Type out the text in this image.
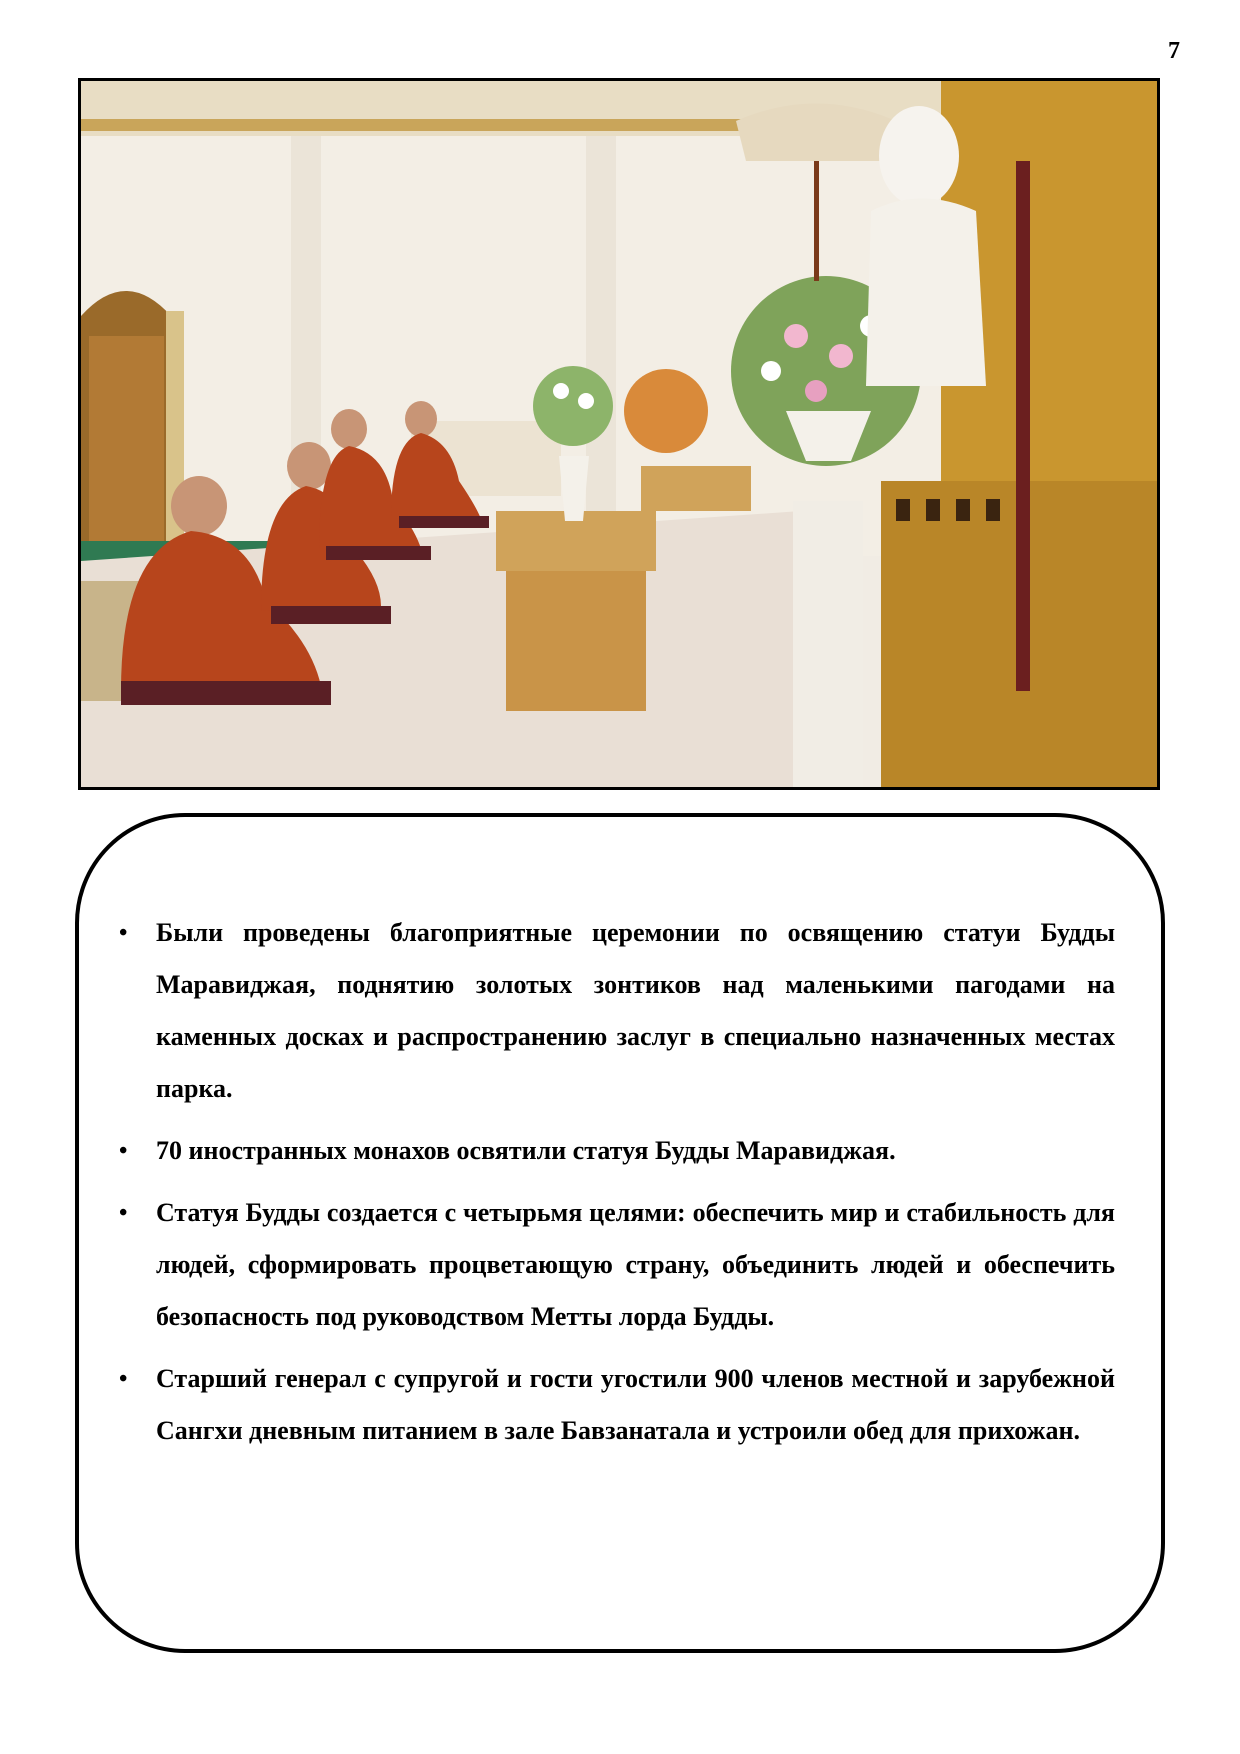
7
• Были проведены благоприятные церемонии по освящению статуи Будды Маравиджая, поднятию золотых зонтиков над маленькими пагодами на каменных досках и распространению заслуг в специально назначенных местах парка.
• 70 иностранных монахов освятили статуя Будды Маравиджая.
• Статуя Будды создается с четырьмя целями: обеспечить мир и стабильность для людей, сформировать процветающую страну, объединить людей и обеспечить безопасность под руководством Метты лорда Будды.
• Старший генерал с супругой и гости угостили 900 членов местной и зарубежной Сангхи дневным питанием в зале Бавзанатала и устроили обед для прихожан.
